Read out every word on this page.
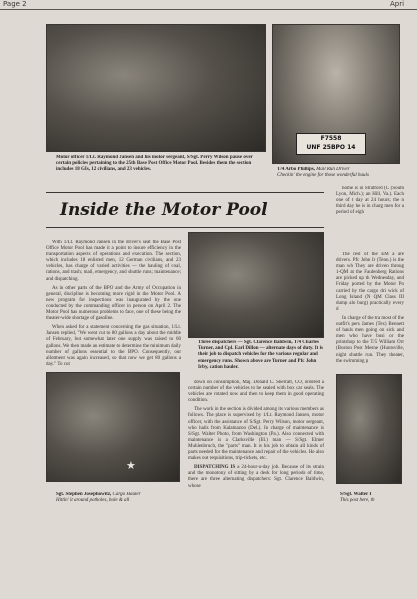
Page 2	Apri
Motor officer 1/Lt. Raymond Jansen and his motor sergeant, S/Sgt. Perry Wilson pause over certain policies pertaining to the 25th Base Post Office Motor Pool. Besides them the section includes 18 GIs, 12 civilians, and 23 vehicles.
F7558
UNF 25BPO 14
T/4 Arbo Phillips, Mail Run Driver
Checkin' the engine for those wonderful hauls
Inside the Motor Pool

home is in Stratford (C (South Lyon, Mich.); an Hill, Va.). Each one of t day at 24 hours; the n third day he is in charg men for a period of eigh

With 1/Lt. Raymond Jansen in the driver's seat the Base Post Office Motor Pool has made it a point to insure efficiency in the transportation aspects of operations and execution. The section, which includes 18 enlisted men, 12 German civilians, and 23 vehicles, has charge of varied activities — the hauling of coal, rations, and trash; mail, emergency, and shuttle runs; maintenance; and dispatching.

As in other parts of the BPO and the Army of Occupation in general, discipline is becoming more rigid in the Motor Pool. A new program for inspections was inaugurated by the one conducted by the commanding officer in person on April 2. The Motor Pool has numerous problems to face, one of these being the theater-wide shortage of gasoline.

When asked for a statement concerning the gas situation, 1/Lt. Jansen replied, "We went cut to 80 gallons a day about the middle of February, but somewhat later one supply was raised to 60 gallons. We then made an estimate to determine the minimum daily number of gallons essential to the BPO. Consequently, our allotment was again increased, so that now we get 80 gallons a day." To cut

Three dispatchers — Sgt. Clarence Baldwin, T/4 Charles Turner, and Cpl. Earl Dillon — alternate days of duty. It is their job to dispatch vehicles for the various regular and emergency runs. Shown above are Turner and Pfc John Irby, cation hauler.

The rest of the EM a are drivers. Pfc John Ir (Tenn.) is the man wh They are driven throug 1-QM at the Faulenberg Rations are picked up th Wednesday, and Friday ported by the Motor Po carried by the cargo dri wick of Long Island (N QM Class III dump alo burg) practically every d

In charge of the tra most of the outfit's pers James (Tex) Bennett of hauls men going on sick and men who have busi or the printshop to the T/5 William Orr (Boston Post Mesne (Huntsville, night shuttle run. They theater, the swimming p

★
Sgt. Stephen Josephowitz, Cargo Hauler
Hittin' it around potholes, hole & all

down on consumption, Maj. Donald C. Sherratt, CO, ordered a certain number of the vehicles to be sealed with box car seals. The vehicles are rotated now and then to keep them in good operating condition.

The work in the section is divided among its various members as follows. The place is supervised by 1/Lt. Raymond Jansen, motor officer, with the assistance of S/Sgt. Perry Wilson, motor sergeant, who hails from Kalamazoo (Del.). In charge of maintenance is S/Sgt. Walter Photo, from Washington (Pa.). Also connected with maintenance is a Clarksville (Ill.) man — S/Sgt. Elmer Muhlenbruch, the "parts" man. It is his job to obtain all kinds of parts needed for the maintenance and repair of the vehicles. He also makes out requisitions, trip-tickets, etc.

DISPATCHING IS a 24-hour-a-day job. Because of its strain and the monotony of sitting by a desk for long periods of time, there are three alternating dispatchers: Sgt. Clarence Baldwin, whose

S/Sgt. Walter I
This post here, th
